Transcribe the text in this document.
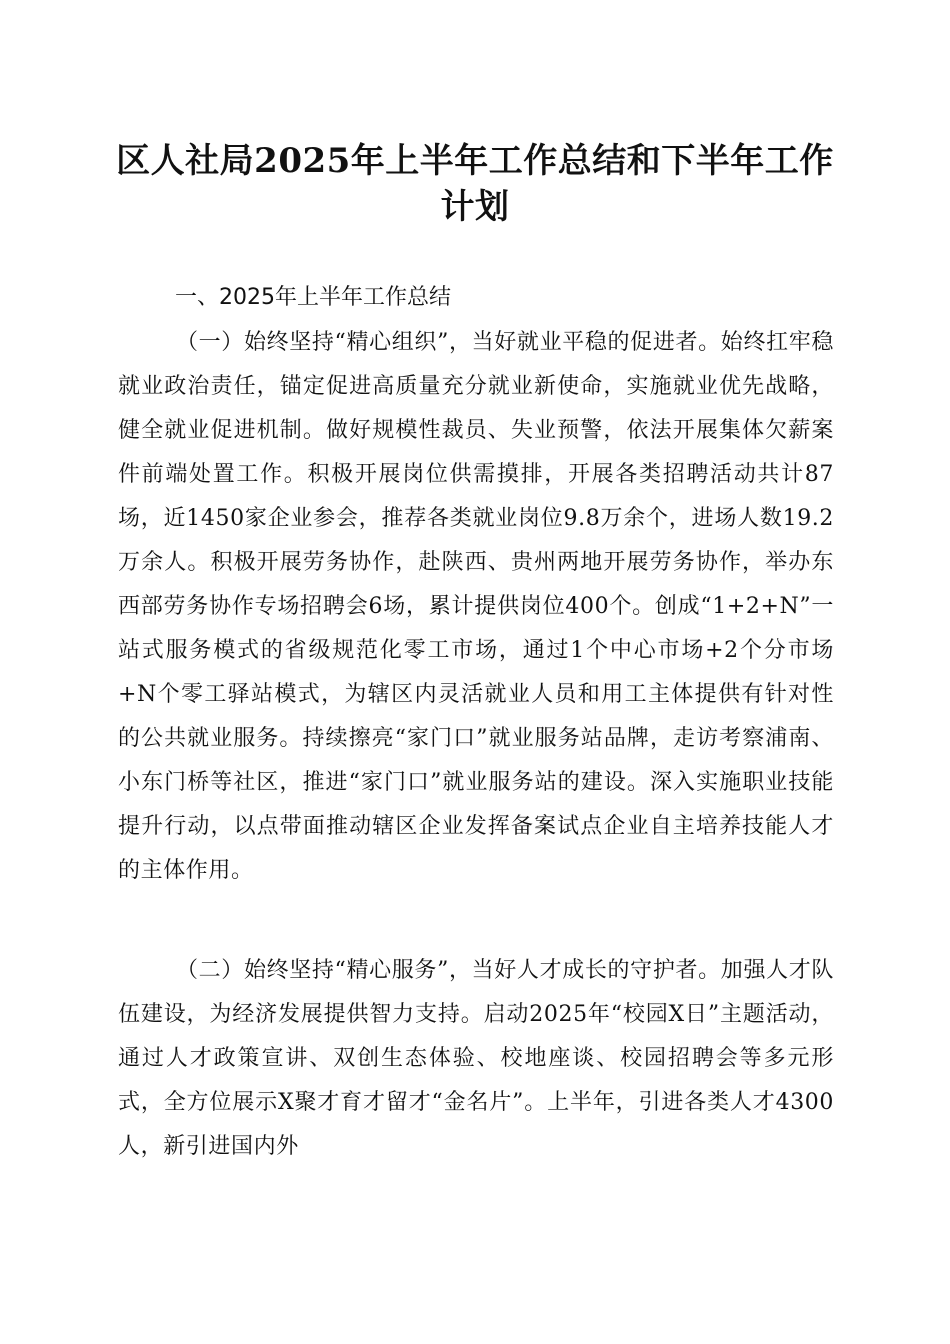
区人社局2025年上半年工作总结和下半年工作计划
一、2025年上半年工作总结

（一）始终坚持“精心组织”，当好就业平稳的促进者。始终扛牢稳就业政治责任，锚定促进高质量充分就业新使命，实施就业优先战略，健全就业促进机制。做好规模性裁员、失业预警，依法开展集体欠薪案件前端处置工作。积极开展岗位供需摸排，开展各类招聘活动共计87场，近1450家企业参会，推荐各类就业岗位9.8万余个，进场人数19.2万余人。积极开展劳务协作，赴陕西、贵州两地开展劳务协作，举办东西部劳务协作专场招聘会6场，累计提供岗位400个。创成“1+2+N”一站式服务模式的省级规范化零工市场，通过1个中心市场+2个分市场+N个零工驿站模式，为辖区内灵活就业人员和用工主体提供有针对性的公共就业服务。持续擦亮“家门口”就业服务站品牌，走访考察浦南、小东门桥等社区，推进“家门口”就业服务站的建设。深入实施职业技能提升行动，以点带面推动辖区企业发挥备案试点企业自主培养技能人才的主体作用。

（二）始终坚持“精心服务”，当好人才成长的守护者。加强人才队伍建设，为经济发展提供智力支持。启动2025年“校园X日”主题活动，通过人才政策宣讲、双创生态体验、校地座谈、校园招聘会等多元形式，全方位展示X聚才育才留才“金名片”。上半年，引进各类人才4300人，新引进国内外
